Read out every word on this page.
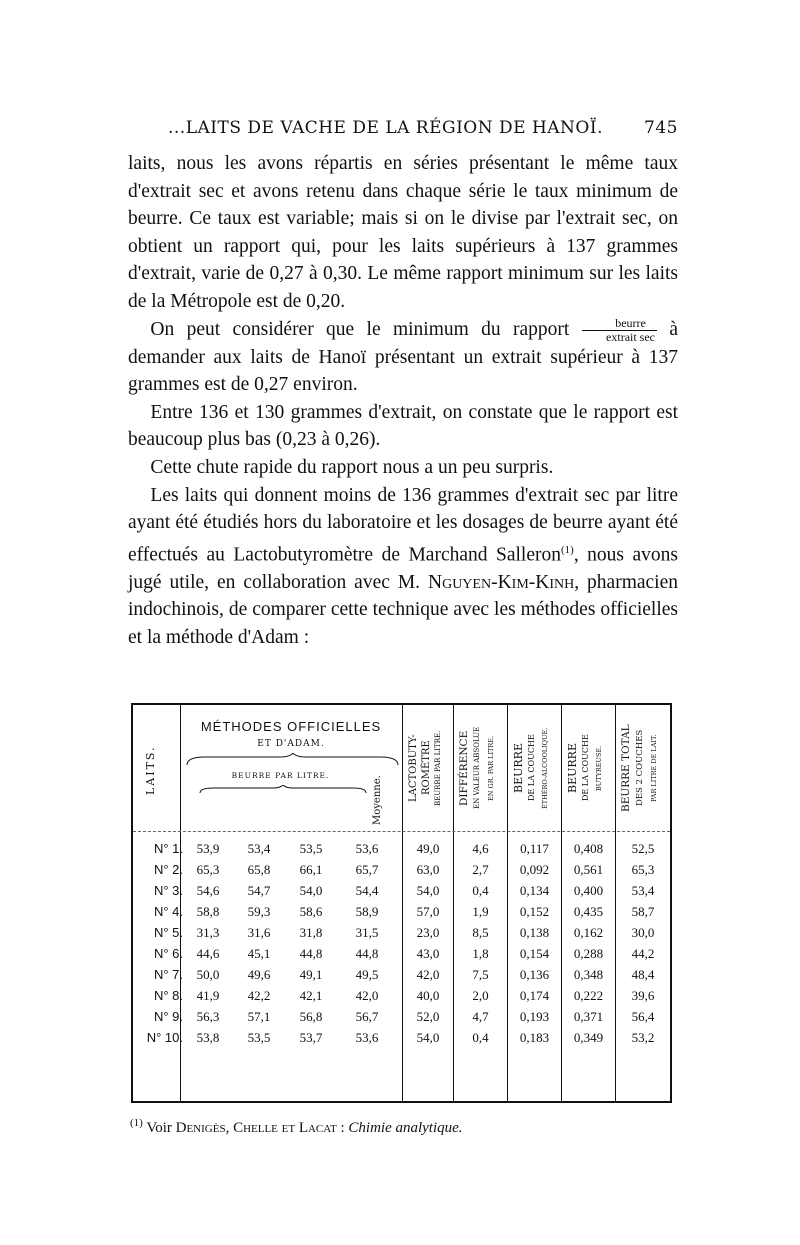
...LAITS DE VACHE DE LA RÉGION DE HANOÏ. 745

laits, nous les avons répartis en séries présentant le même taux d'extrait sec et avons retenu dans chaque série le taux minimum de beurre. Ce taux est variable; mais si on le divise par l'extrait sec, on obtient un rapport qui, pour les laits supérieurs à 137 grammes d'extrait, varie de 0,27 à 0,30. Le même rapport minimum sur les laits de la Métropole est de 0,20.

On peut considérer que le minimum du rapport $\frac{\text{beurre}}{\text{extrait sec}}$ à demander aux laits de Hanoï présentant un extrait supérieur à 137 grammes est de 0,27 environ.

Entre 136 et 130 grammes d'extrait, on constate que le rapport est beaucoup plus bas (0,23 à 0,26).

Cette chute rapide du rapport nous a un peu surpris.

Les laits qui donnent moins de 136 grammes d'extrait sec par litre ayant été étudiés hors du laboratoire et les dosages de beurre ayant été effectués au Lactobutyromètre de Marchand Salleron$^{(1)}$, nous avons jugé utile, en collaboration avec M. Nguyen-Kim-Kinh, pharmacien indochinois, de comparer cette technique avec les méthodes officielles et la méthode d'Adam :

LAITS.
MÉTHODES OFFICIELLES
ET D'ADAM.
BEURRE PAR LITRE.
Moyenne.	LACTOBUTY- ROMÈTRE BEURRE PAR LITRE.	DIFFÉRENCE EN VALEUR ABSOLUE EN GR. PAR LITRE.	BEURRE DE LA COUCHE ÉTHÉRO-ALCOOLIQUE.	BEURRE DE LA COUCHE BUTYREUSE.	BEURRE TOTAL DES 2 COUCHES PAR LITRE DE LAIT.
N° 1.	53,9	53,4	53,5	53,6	49,0	4,6	0,117	0,408	52,5
N° 2.	65,3	65,8	66,1	65,7	63,0	2,7	0,092	0,561	65,3
N° 3.	54,6	54,7	54,0	54,4	54,0	0,4	0,134	0,400	53,4
N° 4.	58,8	59,3	58,6	58,9	57,0	1,9	0,152	0,435	58,7
N° 5.	31,3	31,6	31,8	31,5	23,0	8,5	0,138	0,162	30,0
N° 6.	44,6	45,1	44,8	44,8	43,0	1,8	0,154	0,288	44,2
N° 7.	50,0	49,6	49,1	49,5	42,0	7,5	0,136	0,348	48,4
N° 8.	41,9	42,2	42,1	42,0	40,0	2,0	0,174	0,222	39,6
N° 9.	56,3	57,1	56,8	56,7	52,0	4,7	0,193	0,371	56,4
N° 10.	53,8	53,5	53,7	53,6	54,0	0,4	0,183	0,349	53,2
$^{(1)}$ Voir Denigès, Chelle et Lacat : Chimie analytique.
